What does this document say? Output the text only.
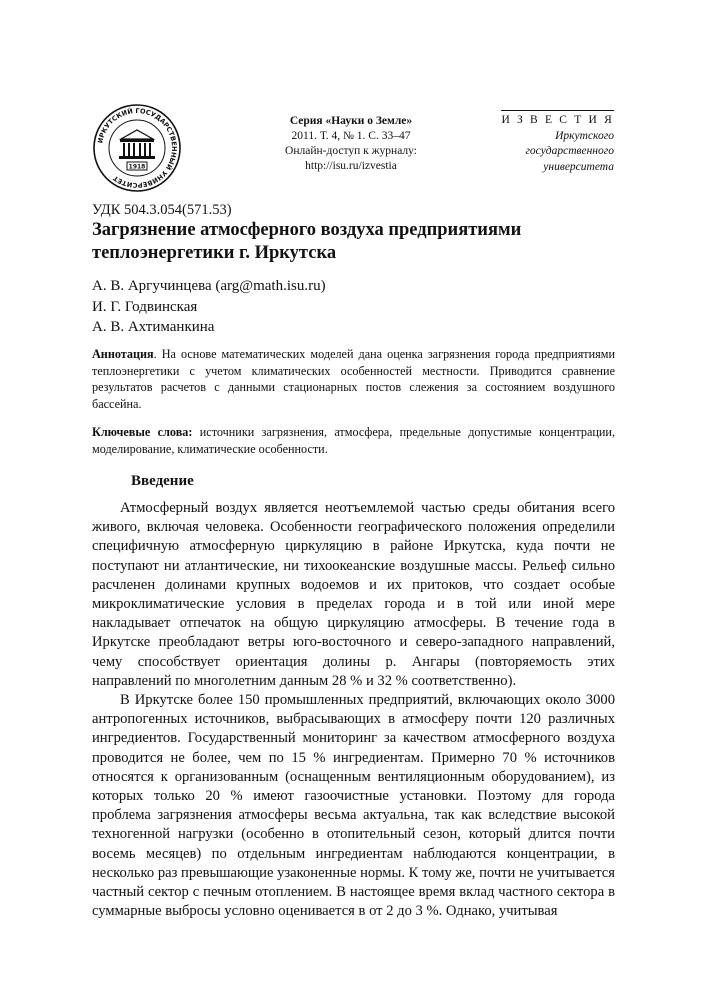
ИРКУТСКИЙ ГОСУДАРСТВЕННЫЙ УНИВЕРСИТЕТ
1918
Серия «Науки о Земле»
2011. Т. 4, № 1. С. 33–47
Онлайн-доступ к журналу:
http://isu.ru/izvestia
И З В Е С Т И Я
Иркутского
государственного
университета
УДК 504.3.054(571.53)
Загрязнение атмосферного воздуха предприятиями теплоэнергетики г. Иркутска
А. В. Аргучинцева (arg@math.isu.ru)
И. Г. Годвинская
А. В. Ахтиманкина
Аннотация. На основе математических моделей дана оценка загрязнения города предприятиями теплоэнергетики с учетом климатических особенностей местности. Приводится сравнение результатов расчетов с данными стационарных постов слежения за состоянием воздушного бассейна.
Ключевые слова: источники загрязнения, атмосфера, предельные допустимые концентрации, моделирование, климатические особенности.
Введение

Атмосферный воздух является неотъемлемой частью среды обитания всего живого, включая человека. Особенности географического положения определили специфичную атмосферную циркуляцию в районе Иркутска, куда почти не поступают ни атлантические, ни тихоокеанские воздушные массы. Рельеф сильно расчленен долинами крупных водоемов и их притоков, что создает особые микроклиматические условия в пределах города и в той или иной мере накладывает отпечаток на общую циркуляцию атмосферы. В течение года в Иркутске преобладают ветры юго-восточного и северо-западного направлений, чему способствует ориентация долины р. Ангары (повторяемость этих направлений по многолетним данным 28 % и 32 % соответственно).

В Иркутске более 150 промышленных предприятий, включающих около 3000 антропогенных источников, выбрасывающих в атмосферу почти 120 различных ингредиентов. Государственный мониторинг за качеством атмосферного воздуха проводится не более, чем по 15 % ингредиентам. Примерно 70 % источников относятся к организованным (оснащенным вентиляционным оборудованием), из которых только 20 % имеют газоочистные установки. Поэтому для города проблема загрязнения атмосферы весьма актуальна, так как вследствие высокой техногенной нагрузки (особенно в отопительный сезон, который длится почти восемь месяцев) по отдельным ингредиентам наблюдаются концентрации, в несколько раз превышающие узаконенные нормы. К тому же, почти не учитывается частный сектор с печным отоплением. В настоящее время вклад частного сектора в суммарные выбросы условно оценивается в от 2 до 3 %. Однако, учитывая
